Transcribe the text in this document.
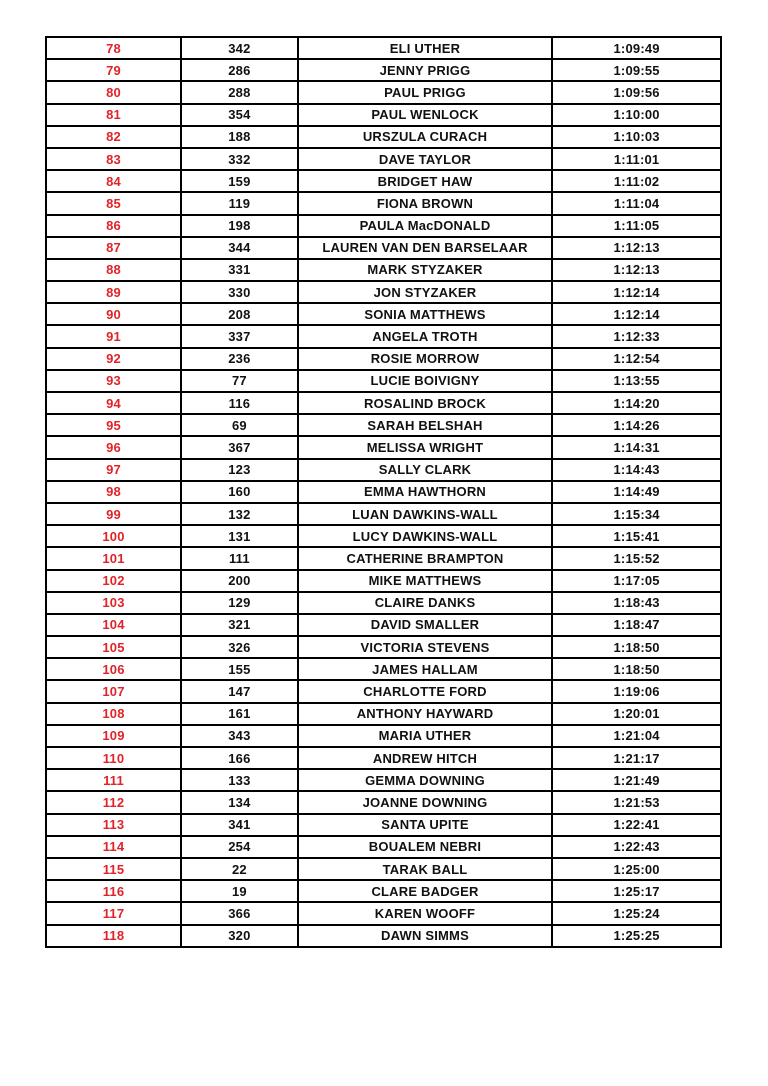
78	342	ELI UTHER	1:09:49
79	286	JENNY PRIGG	1:09:55
80	288	PAUL PRIGG	1:09:56
81	354	PAUL WENLOCK	1:10:00
82	188	URSZULA CURACH	1:10:03
83	332	DAVE TAYLOR	1:11:01
84	159	BRIDGET HAW	1:11:02
85	119	FIONA BROWN	1:11:04
86	198	PAULA MacDONALD	1:11:05
87	344	LAUREN VAN DEN BARSELAAR	1:12:13
88	331	MARK STYZAKER	1:12:13
89	330	JON STYZAKER	1:12:14
90	208	SONIA MATTHEWS	1:12:14
91	337	ANGELA TROTH	1:12:33
92	236	ROSIE MORROW	1:12:54
93	77	LUCIE BOIVIGNY	1:13:55
94	116	ROSALIND BROCK	1:14:20
95	69	SARAH BELSHAH	1:14:26
96	367	MELISSA WRIGHT	1:14:31
97	123	SALLY CLARK	1:14:43
98	160	EMMA HAWTHORN	1:14:49
99	132	LUAN DAWKINS-WALL	1:15:34
100	131	LUCY DAWKINS-WALL	1:15:41
101	111	CATHERINE BRAMPTON	1:15:52
102	200	MIKE MATTHEWS	1:17:05
103	129	CLAIRE DANKS	1:18:43
104	321	DAVID SMALLER	1:18:47
105	326	VICTORIA STEVENS	1:18:50
106	155	JAMES HALLAM	1:18:50
107	147	CHARLOTTE FORD	1:19:06
108	161	ANTHONY HAYWARD	1:20:01
109	343	MARIA UTHER	1:21:04
110	166	ANDREW HITCH	1:21:17
111	133	GEMMA DOWNING	1:21:49
112	134	JOANNE DOWNING	1:21:53
113	341	SANTA UPITE	1:22:41
114	254	BOUALEM NEBRI	1:22:43
115	22	TARAK BALL	1:25:00
116	19	CLARE BADGER	1:25:17
117	366	KAREN WOOFF	1:25:24
118	320	DAWN SIMMS	1:25:25
